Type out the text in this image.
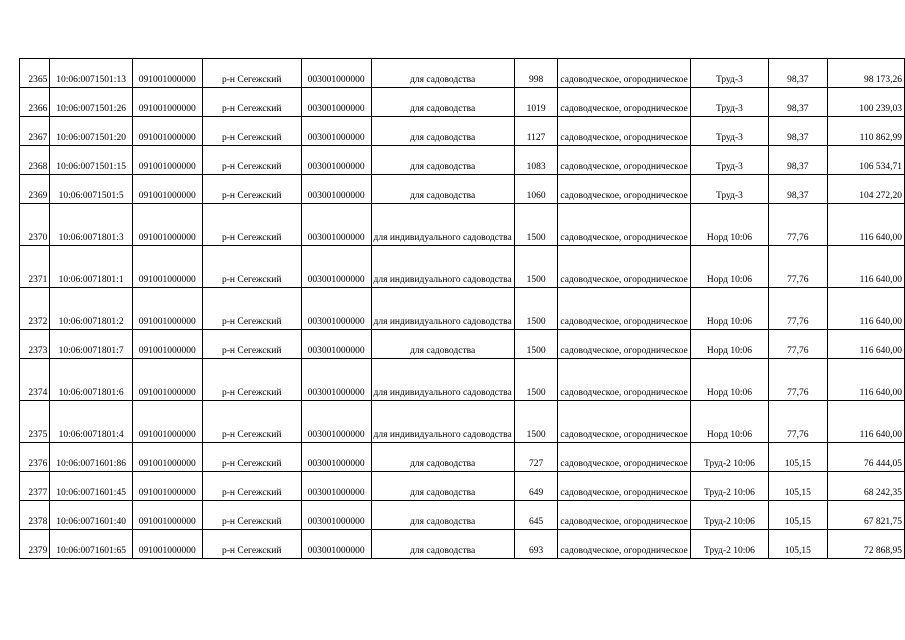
2365	10:06:0071501:13	091001000000	р-н Сегежский	003001000000	для садоводства	998	садоводческое, огородническое	Труд-3	98,37	98 173,26
2366	10:06:0071501:26	091001000000	р-н Сегежский	003001000000	для садоводства	1019	садоводческое, огородническое	Труд-3	98,37	100 239,03
2367	10:06:0071501:20	091001000000	р-н Сегежский	003001000000	для садоводства	1127	садоводческое, огородническое	Труд-3	98,37	110 862,99
2368	10:06:0071501:15	091001000000	р-н Сегежский	003001000000	для садоводства	1083	садоводческое, огородническое	Труд-3	98,37	106 534,71
2369	10:06:0071501:5	091001000000	р-н Сегежский	003001000000	для садоводства	1060	садоводческое, огородническое	Труд-3	98,37	104 272,20
2370	10:06:0071801:3	091001000000	р-н Сегежский	003001000000	для индивидуального садоводства	1500	садоводческое, огородническое	Норд 10:06	77,76	116 640,00
2371	10:06:0071801:1	091001000000	р-н Сегежский	003001000000	для индивидуального садоводства	1500	садоводческое, огородническое	Норд 10:06	77,76	116 640,00
2372	10:06:0071801:2	091001000000	р-н Сегежский	003001000000	для индивидуального садоводства	1500	садоводческое, огородническое	Норд 10:06	77,76	116 640,00
2373	10:06:0071801:7	091001000000	р-н Сегежский	003001000000	для садоводства	1500	садоводческое, огородническое	Норд 10:06	77,76	116 640,00
2374	10:06:0071801:6	091001000000	р-н Сегежский	003001000000	для индивидуального садоводства	1500	садоводческое, огородническое	Норд 10:06	77,76	116 640,00
2375	10:06:0071801:4	091001000000	р-н Сегежский	003001000000	для индивидуального садоводства	1500	садоводческое, огородническое	Норд 10:06	77,76	116 640,00
2376	10:06:0071601:86	091001000000	р-н Сегежский	003001000000	для садоводства	727	садоводческое, огородническое	Труд-2 10:06	105,15	76 444,05
2377	10:06:0071601:45	091001000000	р-н Сегежский	003001000000	для садоводства	649	садоводческое, огородническое	Труд-2 10:06	105,15	68 242,35
2378	10:06:0071601:40	091001000000	р-н Сегежский	003001000000	для садоводства	645	садоводческое, огородническое	Труд-2 10:06	105,15	67 821,75
2379	10:06:0071601:65	091001000000	р-н Сегежский	003001000000	для садоводства	693	садоводческое, огородническое	Труд-2 10:06	105,15	72 868,95
